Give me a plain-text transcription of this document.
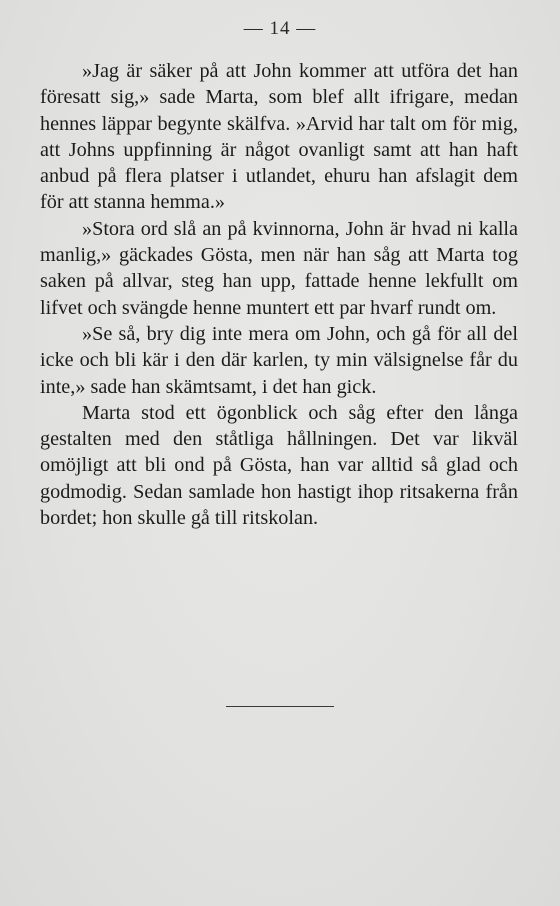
— 14 —

»Jag är säker på att John kommer att utföra det han föresatt sig,» sade Marta, som blef allt ifrigare, medan hennes läppar begynte skälfva. »Arvid har talt om för mig, att Johns uppfinning är något ovanligt samt att han haft anbud på flera platser i utlandet, ehuru han afslagit dem för att stanna hemma.»

»Stora ord slå an på kvinnorna, John är hvad ni kalla manlig,» gäckades Gösta, men när han såg att Marta tog saken på allvar, steg han upp, fattade henne lekfullt om lifvet och svängde henne muntert ett par hvarf rundt om.

»Se så, bry dig inte mera om John, och gå för all del icke och bli kär i den där karlen, ty min välsignelse får du inte,» sade han skämtsamt, i det han gick.

Marta stod ett ögonblick och såg efter den långa gestalten med den ståtliga hållningen. Det var likväl omöjligt att bli ond på Gösta, han var alltid så glad och godmodig. Sedan samlade hon hastigt ihop ritsakerna från bordet; hon skulle gå till ritskolan.
